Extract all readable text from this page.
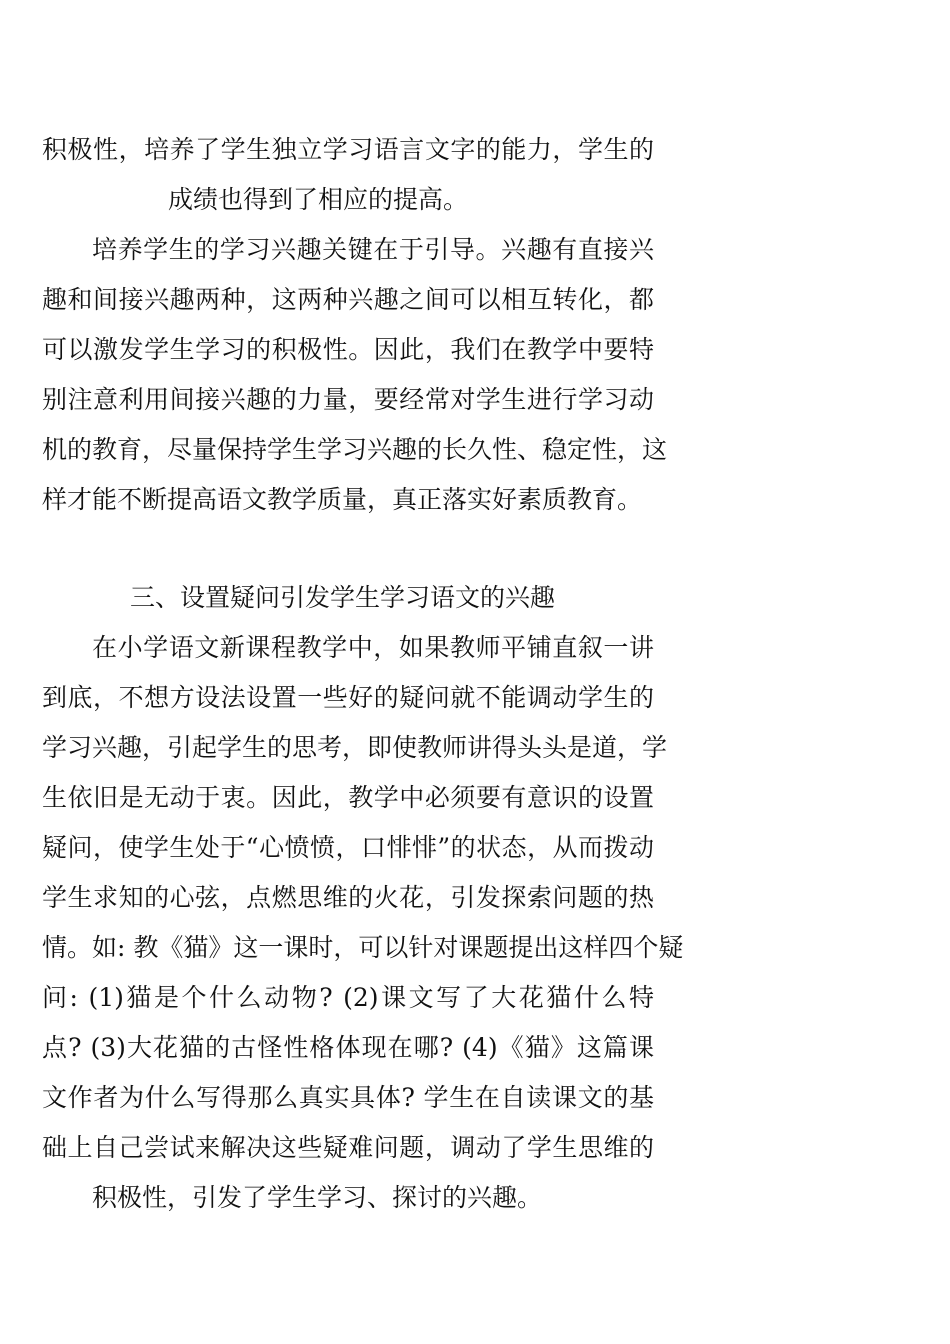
积极性，培养了学生独立学习语言文字的能力，学生的
成绩也得到了相应的提高。
培养学生的学习兴趣关键在于引导。兴趣有直接兴
趣和间接兴趣两种，这两种兴趣之间可以相互转化，都
可以激发学生学习的积极性。因此，我们在教学中要特
别注意利用间接兴趣的力量，要经常对学生进行学习动
机的教育，尽量保持学生学习兴趣的长久性、稳定性，这
样才能不断提高语文教学质量，真正落实好素质教育。
三、设置疑问引发学生学习语文的兴趣
在小学语文新课程教学中，如果教师平铺直叙一讲
到底，不想方设法设置一些好的疑问就不能调动学生的
学习兴趣，引起学生的思考，即使教师讲得头头是道，学
生依旧是无动于衷。因此，教学中必须要有意识的设置
疑问，使学生处于“心愤愤，口悱悱”的状态，从而拨动
学生求知的心弦，点燃思维的火花，引发探索问题的热
情。如: 教《猫》这一课时，可以针对课题提出这样四个疑
问: (1)猫是个什么动物? (2)课文写了大花猫什么特
点? (3)大花猫的古怪性格体现在哪? (4)《猫》这篇课
文作者为什么写得那么真实具体? 学生在自读课文的基
础上自己尝试来解决这些疑难问题，调动了学生思维的
积极性，引发了学生学习、探讨的兴趣。
